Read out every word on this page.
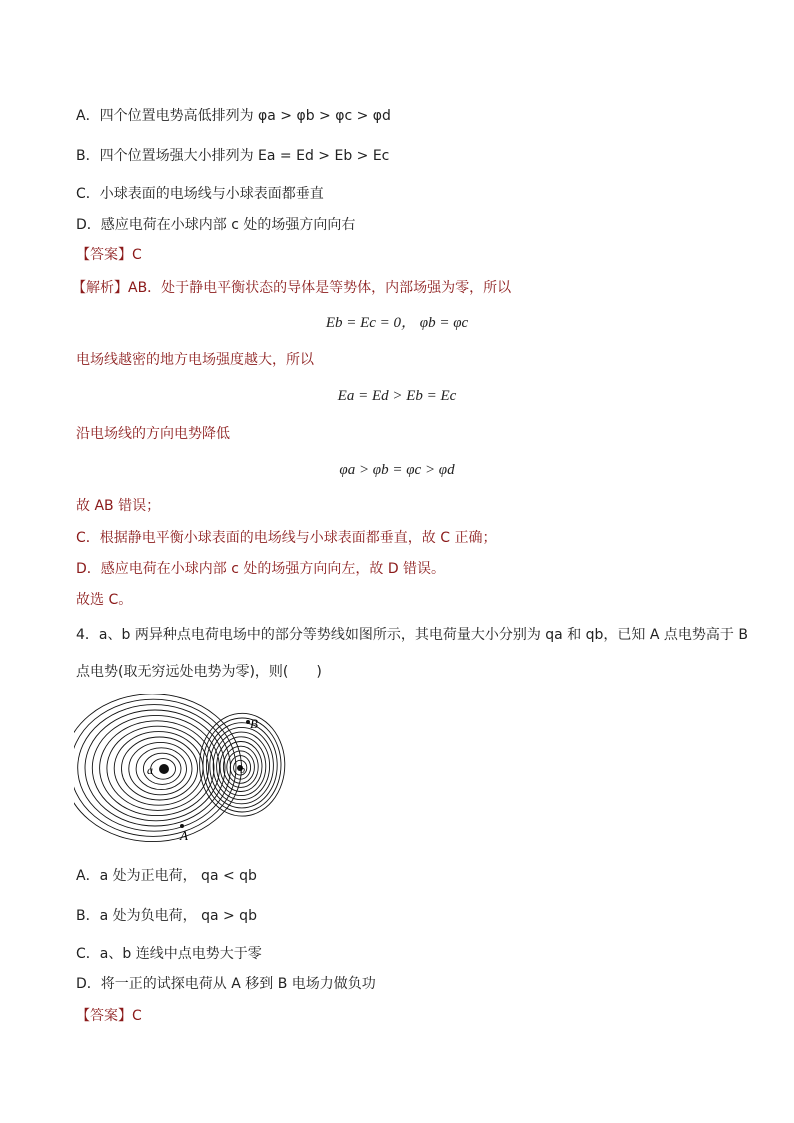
A．四个位置电势高低排列为 φa > φb > φc > φd
B．四个位置场强大小排列为 Ea = Ed > Eb > Ec
C．小球表面的电场线与小球表面都垂直
D．感应电荷在小球内部 c 处的场强方向向右
【答案】C
【解析】AB．处于静电平衡状态的导体是等势体，内部场强为零，所以
Eb = Ec = 0， φb = φc
电场线越密的地方电场强度越大，所以
Ea = Ed > Eb = Ec
沿电场线的方向电势降低
φa > φb = φc > φd
故 AB 错误；
C．根据静电平衡小球表面的电场线与小球表面都垂直，故 C 正确；
D．感应电荷在小球内部 c 处的场强方向向左，故 D 错误。
故选 C。
4．a、b 两异种点电荷电场中的部分等势线如图所示，其电荷量大小分别为 qa 和 qb，已知 A 点电势高于 B
点电势(取无穷远处电势为零)，则(　　)
a	b
A
B
A．a 处为正电荷， qa < qb
B．a 处为负电荷， qa > qb
C．a、b 连线中点电势大于零
D．将一正的试探电荷从 A 移到 B 电场力做负功
【答案】C
